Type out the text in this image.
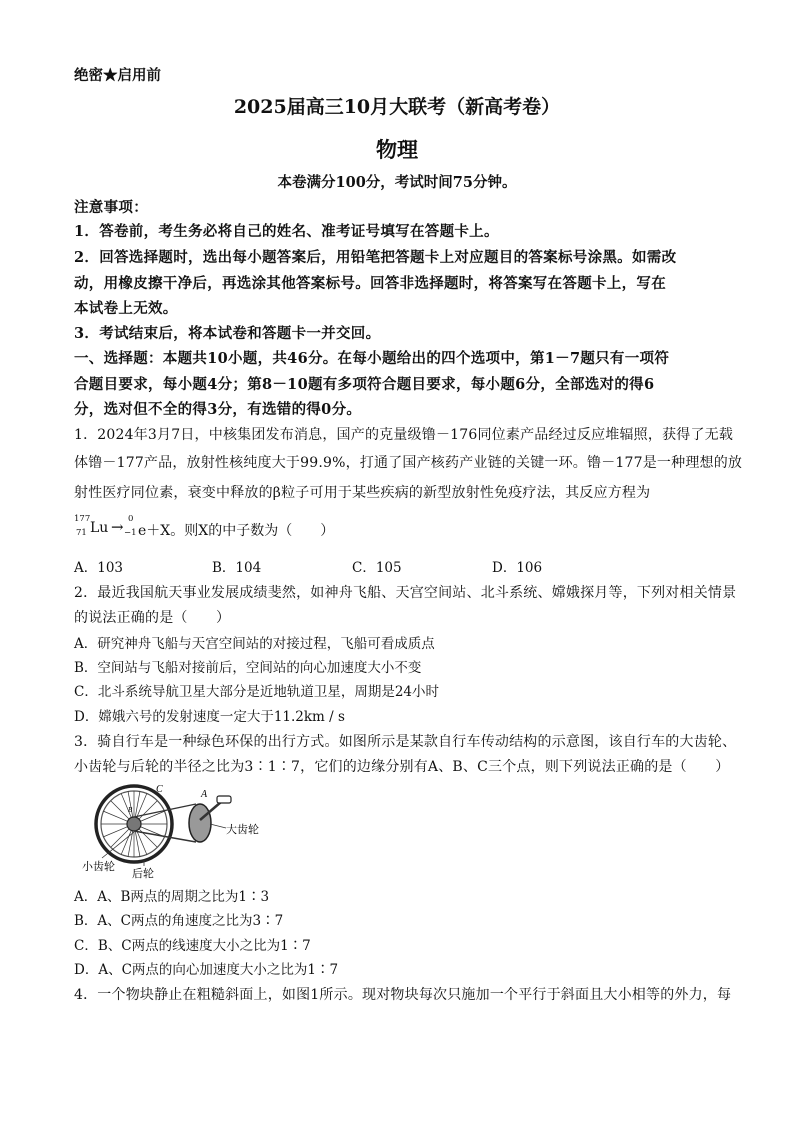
绝密★启用前
2025届高三10月大联考（新高考卷）
物理
本卷满分100分，考试时间75分钟。
注意事项：
1．答卷前，考生务必将自己的姓名、准考证号填写在答题卡上。
2．回答选择题时，选出每小题答案后，用铅笔把答题卡上对应题目的答案标号涂黑。如需改
动，用橡皮擦干净后，再选涂其他答案标号。回答非选择题时，将答案写在答题卡上，写在
本试卷上无效。
3．考试结束后，将本试卷和答题卡一并交回。
一、选择题：本题共10小题，共46分。在每小题给出的四个选项中，第1－7题只有一项符
合题目要求，每小题4分；第8－10题有多项符合题目要求，每小题6分，全部选对的得6
分，选对但不全的得3分，有选错的得0分。
1．2024年3月7日，中核集团发布消息，国产的克量级镥－176同位素产品经过反应堆辐照，获得了无载
体镥－177产品，放射性核纯度大于99.9%，打通了国产核药产业链的关键一环。镥－177是一种理想的放
射性医疗同位素，衰变中释放的β粒子可用于某些疾病的新型放射性免疫疗法，其反应方程为
177
71 Lu → 0
−1 e＋X。则X的中子数为（　　）
A．103	B．104	C．105	D．106
2．最近我国航天事业发展成绩斐然，如神舟飞船、天宫空间站、北斗系统、嫦娥探月等，下列对相关情景
的说法正确的是（　　）
A．研究神舟飞船与天宫空间站的对接过程，飞船可看成质点
B．空间站与飞船对接前后，空间站的向心加速度大小不变
C．北斗系统导航卫星大部分是近地轨道卫星，周期是24小时
D．嫦娥六号的发射速度一定大于11.2km / s
3．骑自行车是一种绿色环保的出行方式。如图所示是某款自行车传动结构的示意图，该自行车的大齿轮、
小齿轮与后轮的半径之比为3∶1∶7，它们的边缘分别有A、B、C三个点，则下列说法正确的是（　　）
C	A
B
大齿轮
小齿轮
后轮
A．A、B两点的周期之比为1∶3
B．A、C两点的角速度之比为3∶7
C．B、C两点的线速度大小之比为1∶7
D．A、C两点的向心加速度大小之比为1∶7
4．一个物块静止在粗糙斜面上，如图1所示。现对物块每次只施加一个平行于斜面且大小相等的外力，每
